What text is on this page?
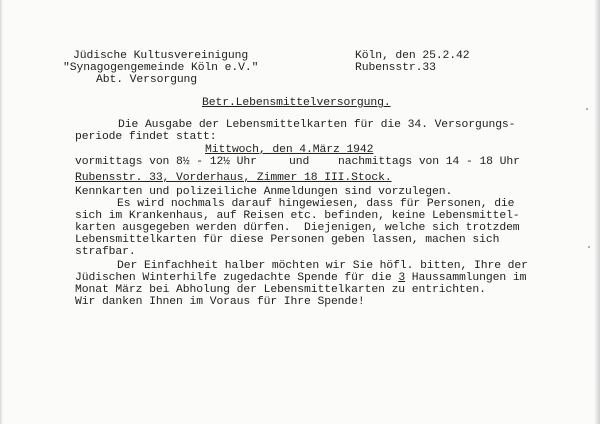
Jüdische Kultusvereinigung
"Synagogengemeinde Köln e.V."
Abt. Versorgung
Köln, den 25.2.42
Rubensstr.33
Betr.Lebensmittelversorgung.
Die Ausgabe der Lebensmittelkarten für die 34. Versorgungs-
periode findet statt:
Mittwoch, den 4.März 1942
vormittags von 8½ - 12½ Uhr	und	nachmittags von 14 - 18 Uhr
Rubensstr. 33, Vorderhaus, Zimmer 18 III.Stock.
Kennkarten und polizeiliche Anmeldungen sind vorzulegen.
Es wird nochmals darauf hingewiesen, dass für Personen, die
sich im Krankenhaus, auf Reisen etc. befinden, keine Lebensmittel-
karten ausgegeben werden dürfen.  Diejenigen, welche sich trotzdem
Lebensmittelkarten für diese Personen geben lassen, machen sich
strafbar.
Der Einfachheit halber möchten wir Sie höfl. bitten, Ihre der
Jüdischen Winterhilfe zugedachte Spende für die 3 Haussammlungen im
Monat März bei Abholung der Lebensmittelkarten zu entrichten.
Wir danken Ihnen im Voraus für Ihre Spende!
